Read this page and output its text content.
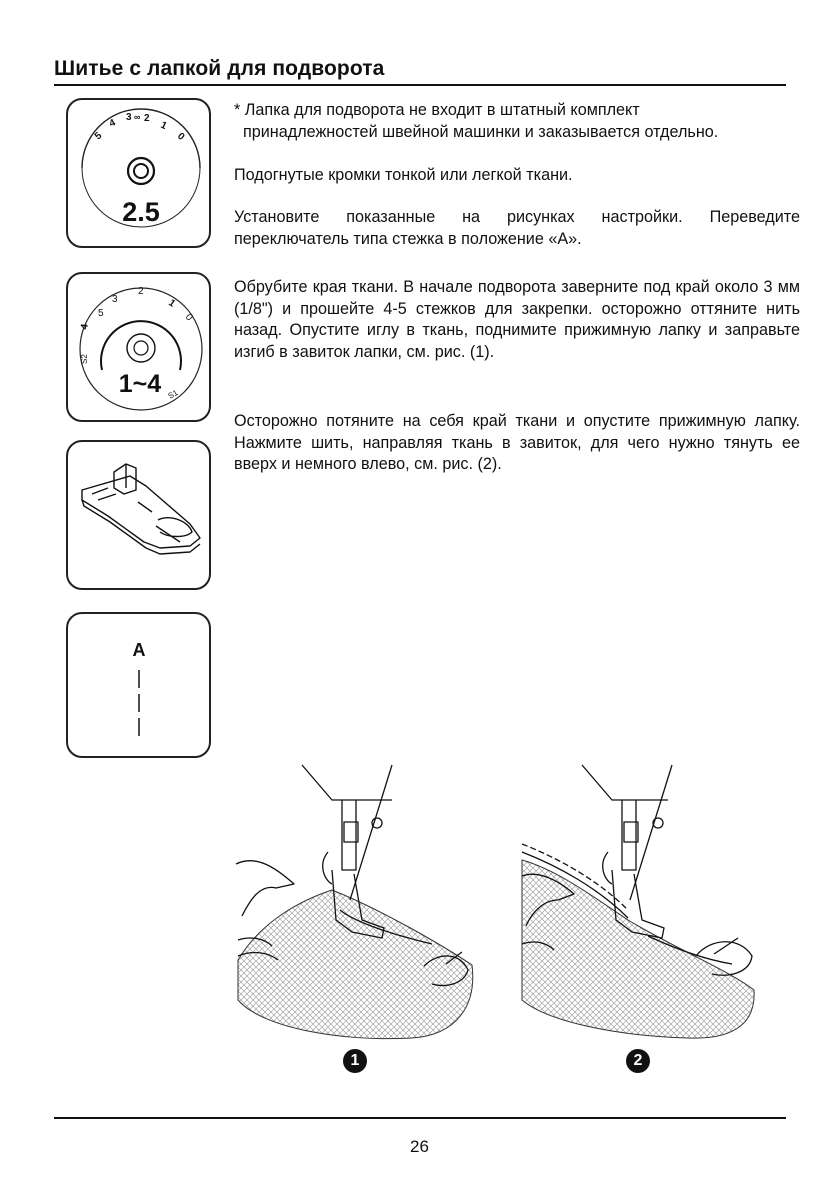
Шитье с лапкой для подворота
5
4 3 ∞ 2
1
0
2.5
5
3
2
1
0
4
S2
S1
1~4
A
* Лапка для подворота не входит в штатный комплект
принадлежностей швейной машинки и заказывается отдельно.

Подогнутые кромки тонкой или легкой ткани.

Установите показанные на рисунках настройки. Переведите переключатель типа стежка в положение «А».

Обрубите края ткани. В начале подворота заверните под край около 3 мм (1/8") и прошейте 4-5 стежков для закрепки. осторожно оттяните нить назад. Опустите иглу в ткань, поднимите прижимную лапку и заправьте изгиб в завиток лапки, см. рис. (1).

Осторожно потяните на себя край ткани и опустите прижимную лапку. Нажмите шить, направляя ткань в завиток, для чего нужно тянуть ее вверх и немного влево, см. рис. (2).

1	2
26
